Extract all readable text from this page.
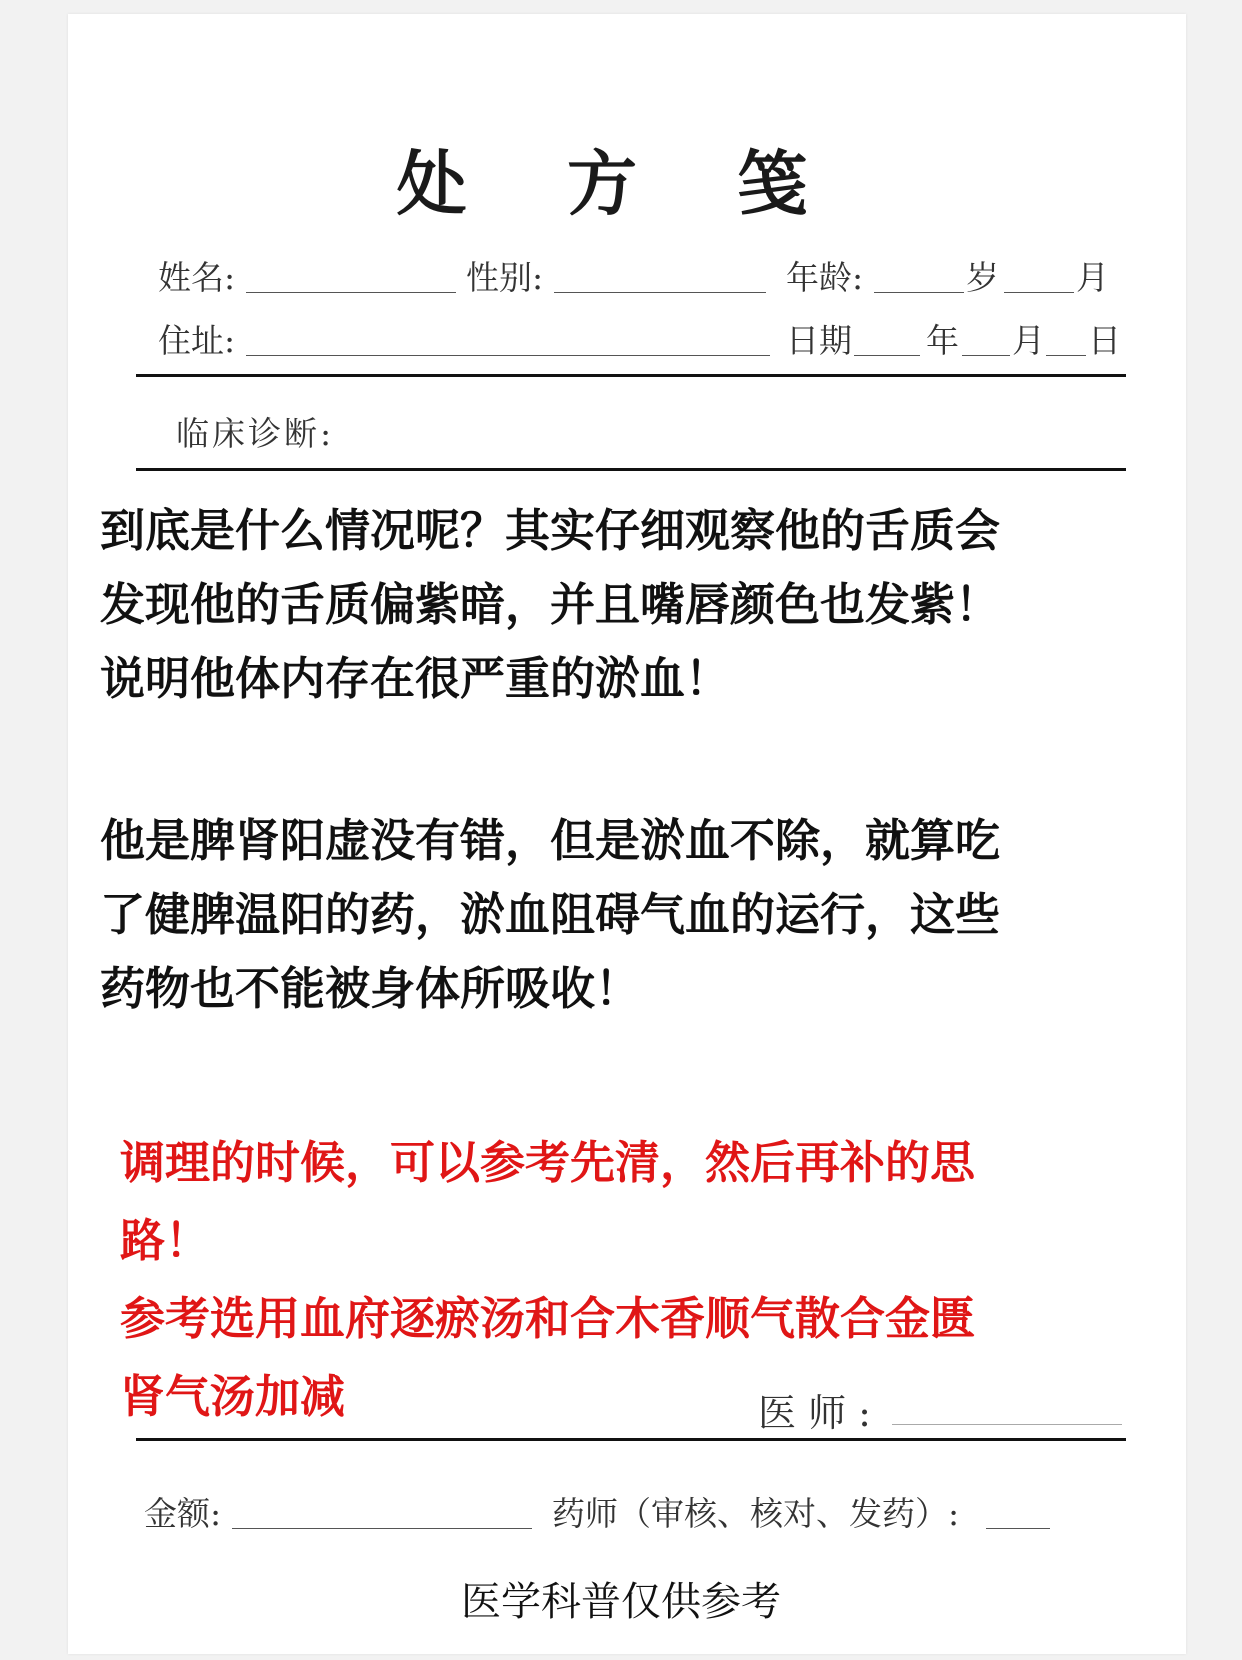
处 方 笺
姓名:	性别:	年龄:	岁 月
住址:	日期 年 月 日
临床诊断:
到底是什么情况呢？其实仔细观察他的舌质会
发现他的舌质偏紫暗，并且嘴唇颜色也发紫！
说明他体内存在很严重的淤血！
他是脾肾阳虚没有错，但是淤血不除，就算吃
了健脾温阳的药，淤血阻碍气血的运行，这些
药物也不能被身体所吸收！
调理的时候，可以参考先清，然后再补的思
路！
参考选用血府逐瘀汤和合木香顺气散合金匮
肾气汤加减	医 师 :
金额:	药师（审核、核对、发药）:
医学科普仅供参考
